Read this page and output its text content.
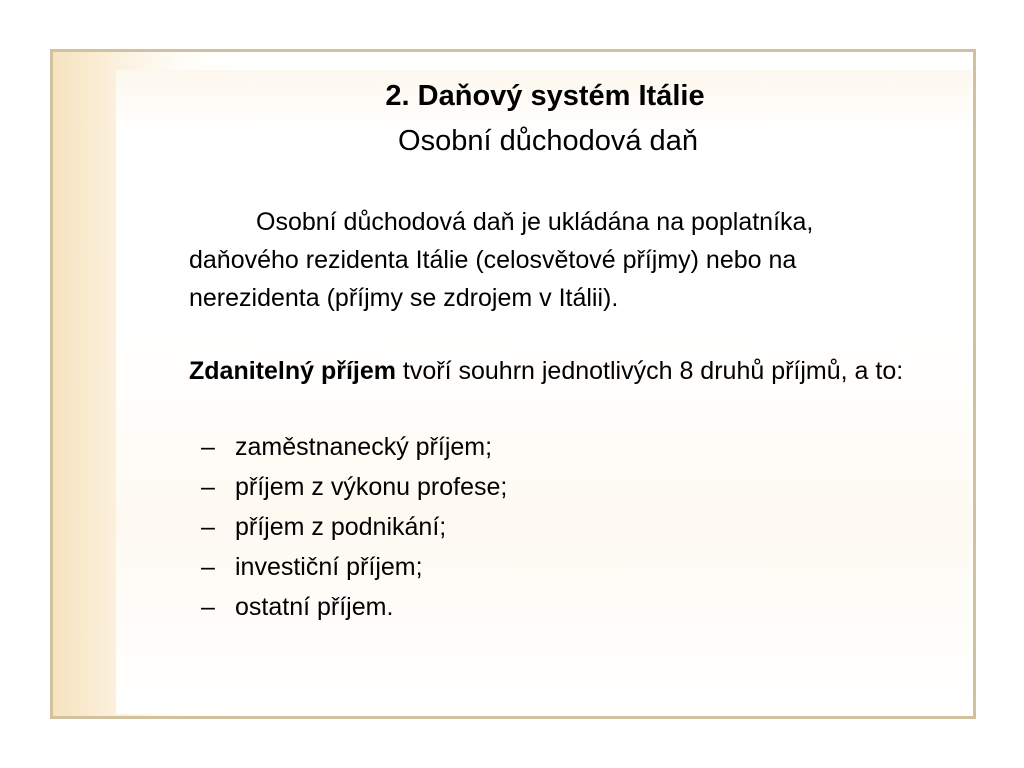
2. Daňový systém Itálie
Osobní důchodová daň

Osobní důchodová daň je ukládána na poplatníka, daňového rezidenta Itálie (celosvětové příjmy) nebo na nerezidenta (příjmy se zdrojem v Itálii).

Zdanitelný příjem tvoří souhrn jednotlivých 8 druhů příjmů, a to:

– zaměstnanecký příjem;
– příjem z výkonu profese;
– příjem z podnikání;
– investiční příjem;
– ostatní příjem.
